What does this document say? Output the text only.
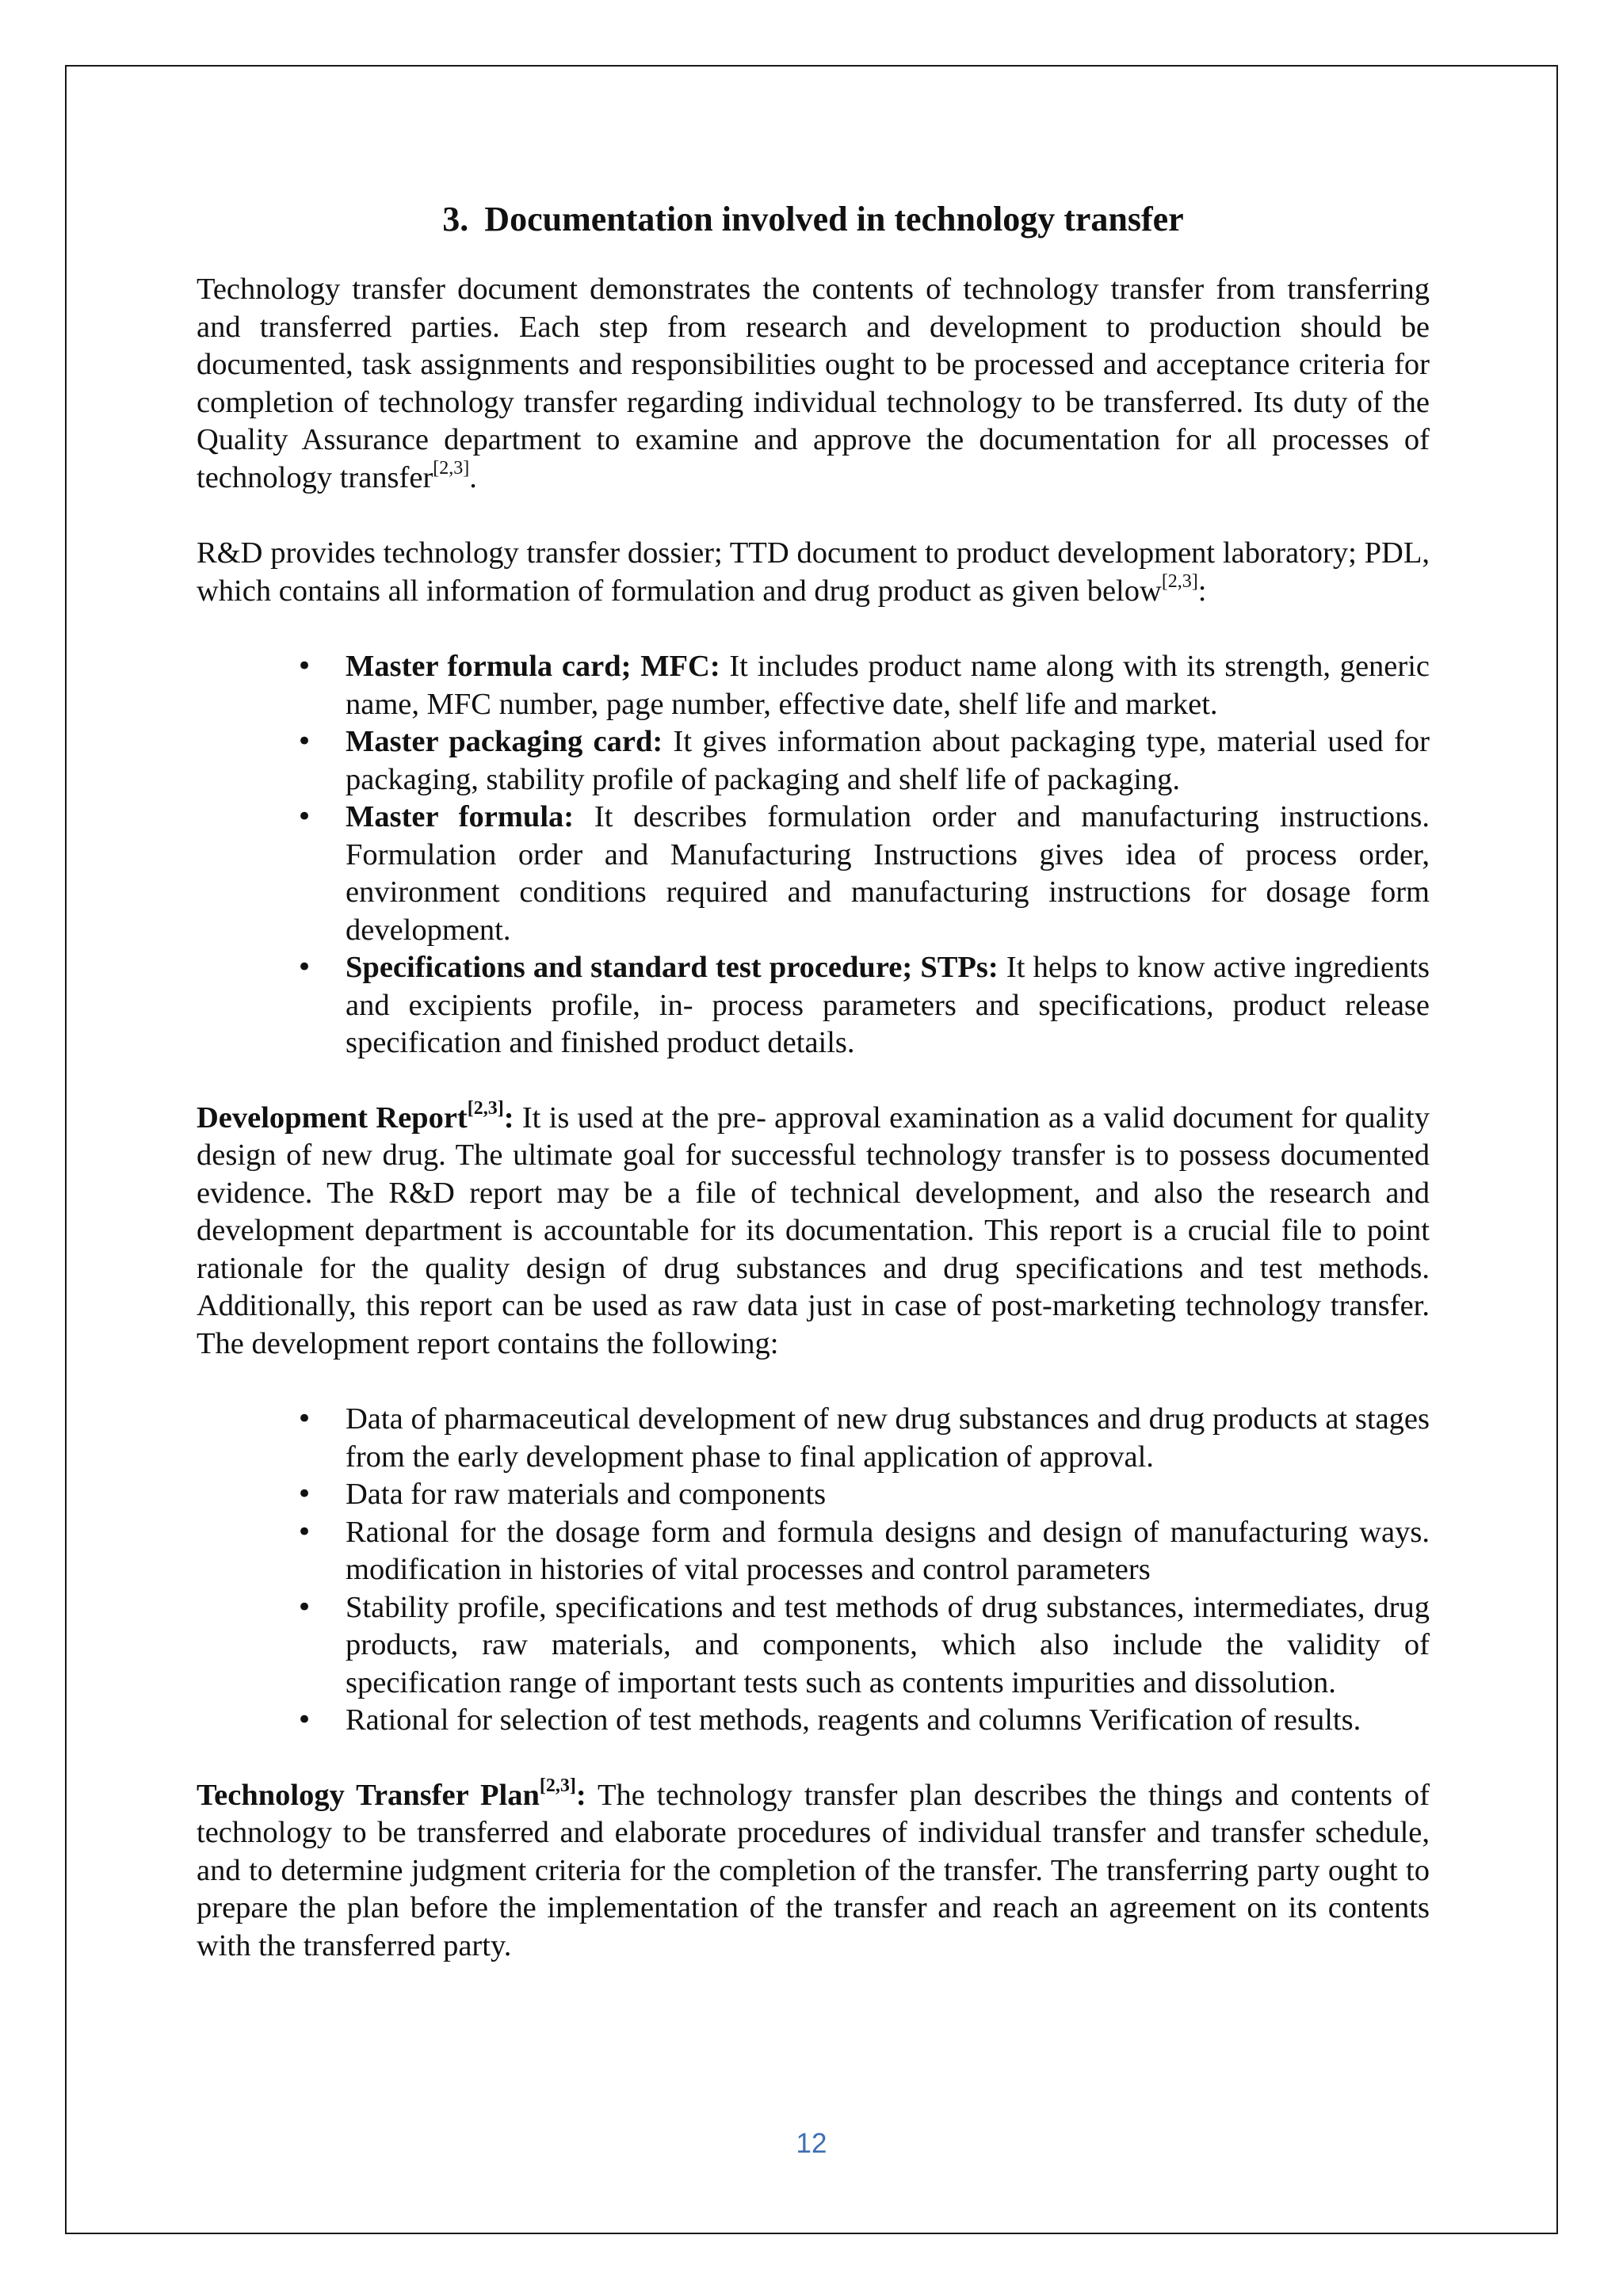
3. Documentation involved in technology transfer

Technology transfer document demonstrates the contents of technology transfer from transferring and transferred parties. Each step from research and development to production should be documented, task assignments and responsibilities ought to be processed and acceptance criteria for completion of technology transfer regarding individual technology to be transferred. Its duty of the Quality Assurance department to examine and approve the documentation for all processes of technology transfer[2,3].

R&D provides technology transfer dossier; TTD document to product development laboratory; PDL, which contains all information of formulation and drug product as given below[2,3]:

• Master formula card; MFC: It includes product name along with its strength, generic name, MFC number, page number, effective date, shelf life and market.
• Master packaging card: It gives information about packaging type, material used for packaging, stability profile of packaging and shelf life of packaging.
• Master formula: It describes formulation order and manufacturing instructions. Formulation order and Manufacturing Instructions gives idea of process order, environment conditions required and manufacturing instructions for dosage form development.
• Specifications and standard test procedure; STPs: It helps to know active ingredients and excipients profile, in- process parameters and specifications, product release specification and finished product details.

Development Report[2,3]: It is used at the pre- approval examination as a valid document for quality design of new drug. The ultimate goal for successful technology transfer is to possess documented evidence. The R&D report may be a file of technical development, and also the research and development department is accountable for its documentation. This report is a crucial file to point rationale for the quality design of drug substances and drug specifications and test methods. Additionally, this report can be used as raw data just in case of post-marketing technology transfer. The development report contains the following:

• Data of pharmaceutical development of new drug substances and drug products at stages from the early development phase to final application of approval.
• Data for raw materials and components
• Rational for the dosage form and formula designs and design of manufacturing ways. modification in histories of vital processes and control parameters
• Stability profile, specifications and test methods of drug substances, intermediates, drug products, raw materials, and components, which also include the validity of specification range of important tests such as contents impurities and dissolution.
• Rational for selection of test methods, reagents and columns Verification of results.

Technology Transfer Plan[2,3]: The technology transfer plan describes the things and contents of technology to be transferred and elaborate procedures of individual transfer and transfer schedule, and to determine judgment criteria for the completion of the transfer. The transferring party ought to prepare the plan before the implementation of the transfer and reach an agreement on its contents with the transferred party.

12
